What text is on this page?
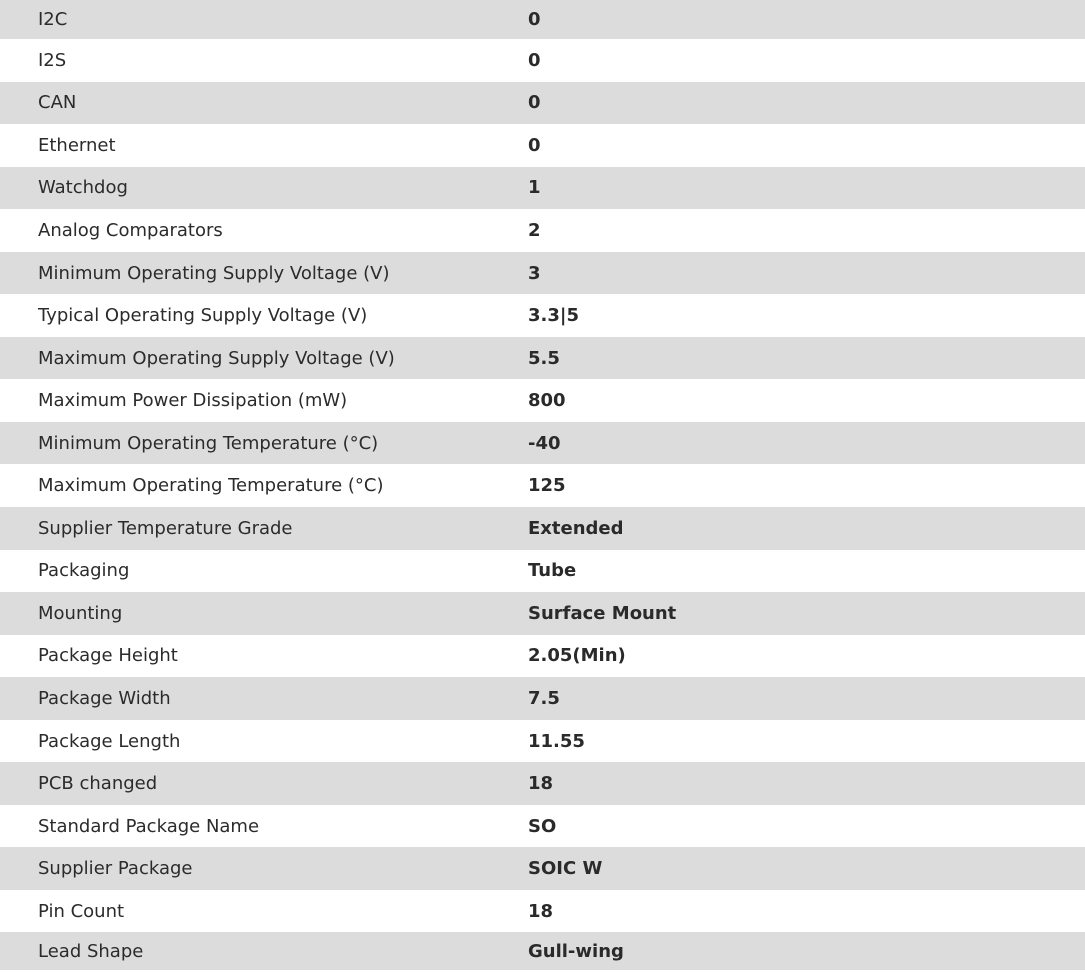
I2C	0
I2S	0
CAN	0
Ethernet	0
Watchdog	1
Analog Comparators	2
Minimum Operating Supply Voltage (V)	3
Typical Operating Supply Voltage (V)	3.3|5
Maximum Operating Supply Voltage (V)	5.5
Maximum Power Dissipation (mW)	800
Minimum Operating Temperature (°C)	-40
Maximum Operating Temperature (°C)	125
Supplier Temperature Grade	Extended
Packaging	Tube
Mounting	Surface Mount
Package Height	2.05(Min)
Package Width	7.5
Package Length	11.55
PCB changed	18
Standard Package Name	SO
Supplier Package	SOIC W
Pin Count	18
Lead Shape	Gull-wing
